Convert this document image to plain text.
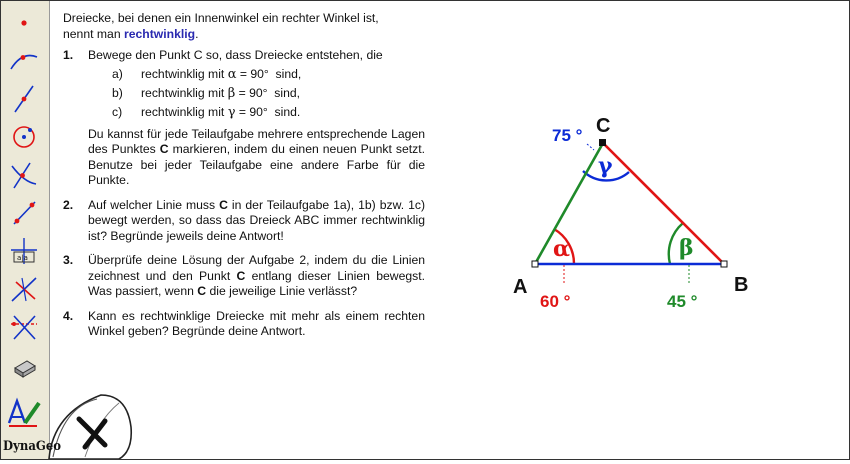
a|a
DynaGeo
Dreiecke, bei denen ein Innenwinkel ein rechter Winkel ist,
nennt man rechtwinklig.
1. Bewege den Punkt C so, dass Dreiecke entstehen, die
a)	rechtwinklig mit α = 90°  sind,
b)	rechtwinklig mit β = 90°  sind,
c)	rechtwinklig mit γ = 90°  sind.
Du kannst für jede Teilaufgabe mehrere entsprechende Lagen des Punktes C markieren, indem du einen neuen Punkt setzt. Benutze bei jeder Teilaufgabe eine andere Farbe für die Punkte.
2. Auf welcher Linie muss C in der Teilaufgabe 1a), 1b) bzw. 1c) bewegt werden, so dass das Dreieck ABC immer rechtwinklig ist? Begründe jeweils deine Antwort!
3. Überprüfe deine Lösung der Aufgabe 2, indem du die Linien zeichnest und den Punkt C entlang dieser Linien bewegst. Was passiert, wenn C die jeweilige Linie verlässt?
4. Kann es rechtwinklige Dreiecke mit mehr als einem rechten Winkel geben? Begründe deine Antwort.
A	B
C
α	β
γ
60 °	45 °
75 °
